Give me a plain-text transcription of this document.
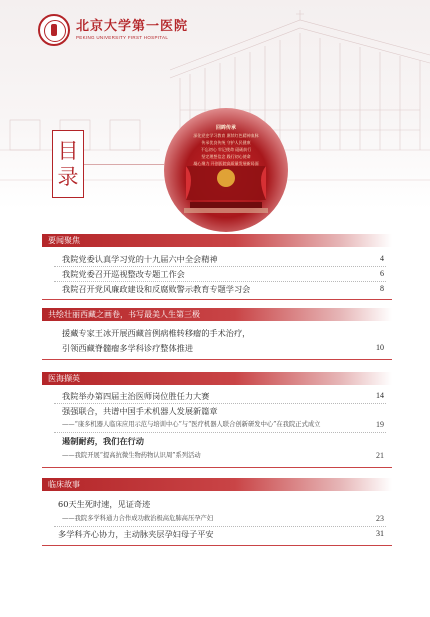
北京大学第一医院
PEKING UNIVERSITY FIRST HOSPITAL
目
录
回眸传承
深化党史学习教育 赓续红色精神血脉
传承优良传统 守护人民健康
不忘初心 牢记使命 砥砺前行
坚定理想信念 践行初心使命
凝心聚力 开创医院高质量发展新局面
要闻聚焦
我院党委认真学习党的十九届六中全会精神	4
我院党委召开巡视整改专题工作会	6
我院召开党风廉政建设和反腐败警示教育专题学习会	8
共绘壮丽西藏之画卷，书写最美人生第三极
援藏专家王冰开展西藏首例病椎转移瘤的手术治疗，
引领西藏脊髓瘤多学科诊疗整体推进	10
医海撷英
我院举办第四届主治医师岗位胜任力大赛	14
强强联合，共谱中国手术机器人发展新篇章
——“康多机器人临床应用示范与培训中心”与“医疗机器人联合创新研发中心”在我院正式成立	19
遏制耐药，我们在行动
——我院开展“提高抗微生物药物认识周”系列活动	21
临床故事
60天生死时速，见证奇迹
——我院多学科通力合作成功救治极高危肺高压孕产妇	23
多学科齐心协力，主动脉夹层孕妇母子平安	31
